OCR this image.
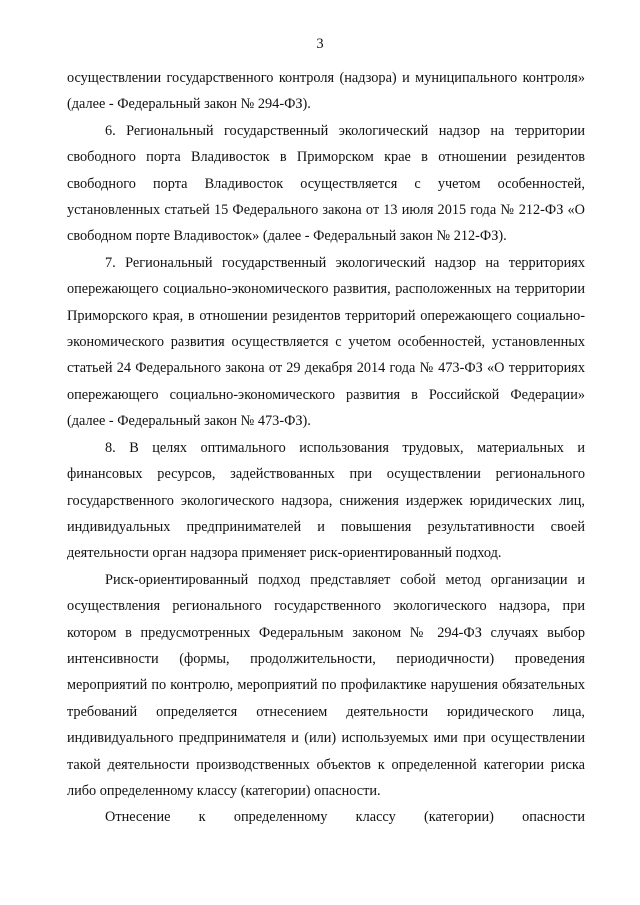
3

осуществлении государственного контроля (надзора) и муниципального контроля» (далее - Федеральный закон № 294-ФЗ).

6. Региональный государственный экологический надзор на территории свободного порта Владивосток в Приморском крае в отношении резидентов свободного порта Владивосток осуществляется с учетом особенностей, установленных статьей 15 Федерального закона от 13 июля 2015 года № 212-ФЗ «О свободном порте Владивосток» (далее - Федеральный закон № 212-ФЗ).

7. Региональный государственный экологический надзор на территориях опережающего социально-экономического развития, расположенных на территории Приморского края, в отношении резидентов территорий опережающего социально-экономического развития осуществляется с учетом особенностей, установленных статьей 24 Федерального закона от 29 декабря 2014 года № 473-ФЗ «О территориях опережающего социально-экономического развития в Российской Федерации» (далее - Федеральный закон № 473-ФЗ).

8. В целях оптимального использования трудовых, материальных и финансовых ресурсов, задействованных при осуществлении регионального государственного экологического надзора, снижения издержек юридических лиц, индивидуальных предпринимателей и повышения результативности своей деятельности орган надзора применяет риск-ориентированный подход.

Риск-ориентированный подход представляет собой метод организации и осуществления регионального государственного экологического надзора, при котором в предусмотренных Федеральным законом № 294-ФЗ случаях выбор интенсивности (формы, продолжительности, периодичности) проведения мероприятий по контролю, мероприятий по профилактике нарушения обязательных требований определяется отнесением деятельности юридического лица, индивидуального предпринимателя и (или) используемых ими при осуществлении такой деятельности производственных объектов к определенной категории риска либо определенному классу (категории) опасности.

Отнесение к определенному классу (категории) опасности
